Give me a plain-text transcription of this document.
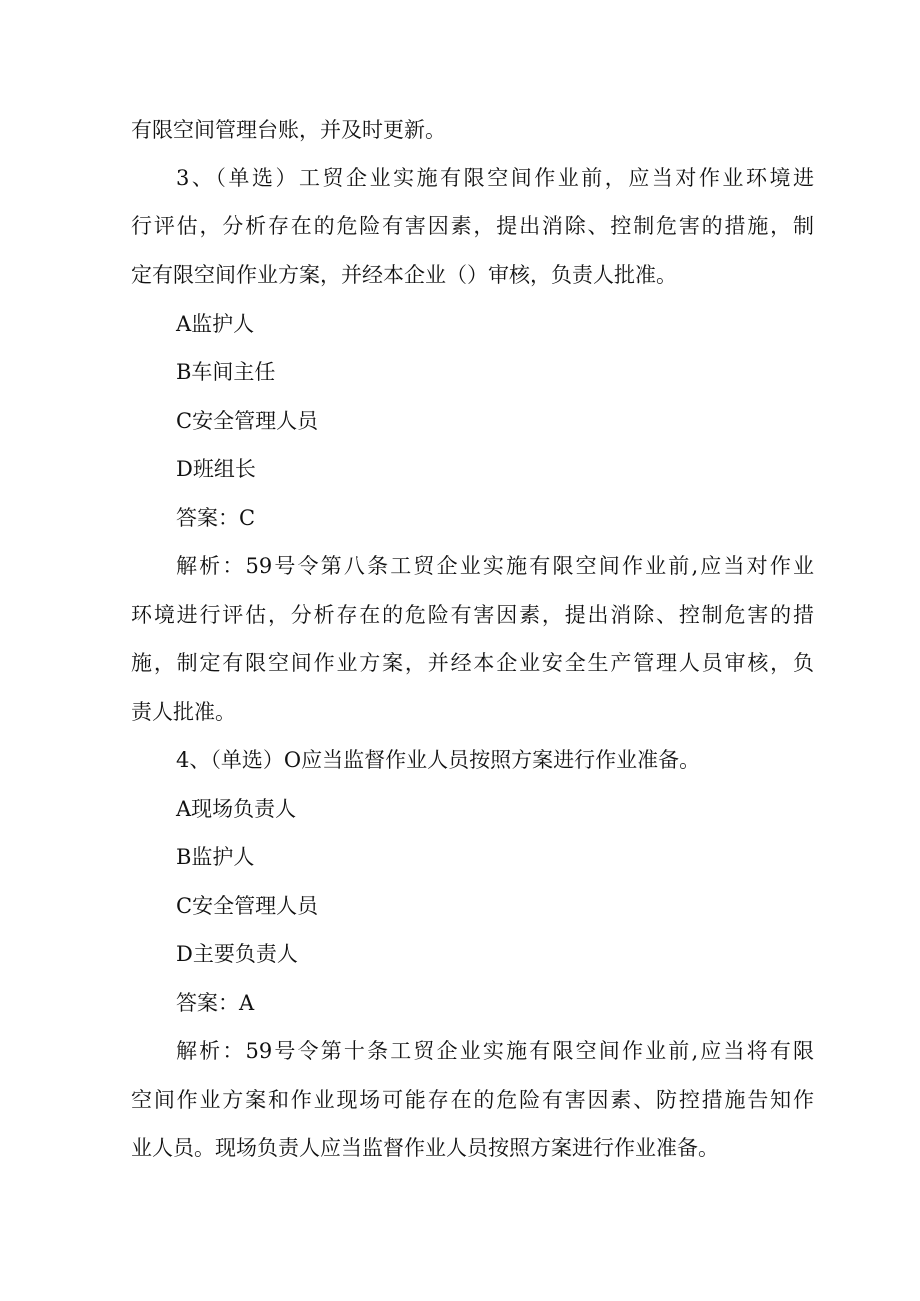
有限空间管理台账，并及时更新。
3、（单选）工贸企业实施有限空间作业前，应当对作业环境进
行评估，分析存在的危险有害因素，提出消除、控制危害的措施，制
定有限空间作业方案，并经本企业（）审核，负责人批准。
A监护人
B车间主任
C安全管理人员
D班组长
答案：C
解析：59号令第八条工贸企业实施有限空间作业前,应当对作业
环境进行评估，分析存在的危险有害因素，提出消除、控制危害的措
施，制定有限空间作业方案，并经本企业安全生产管理人员审核，负
责人批准。
4、（单选）O应当监督作业人员按照方案进行作业准备。
A现场负责人
B监护人
C安全管理人员
D主要负责人
答案：A
解析：59号令第十条工贸企业实施有限空间作业前,应当将有限
空间作业方案和作业现场可能存在的危险有害因素、防控措施告知作
业人员。现场负责人应当监督作业人员按照方案进行作业准备。
